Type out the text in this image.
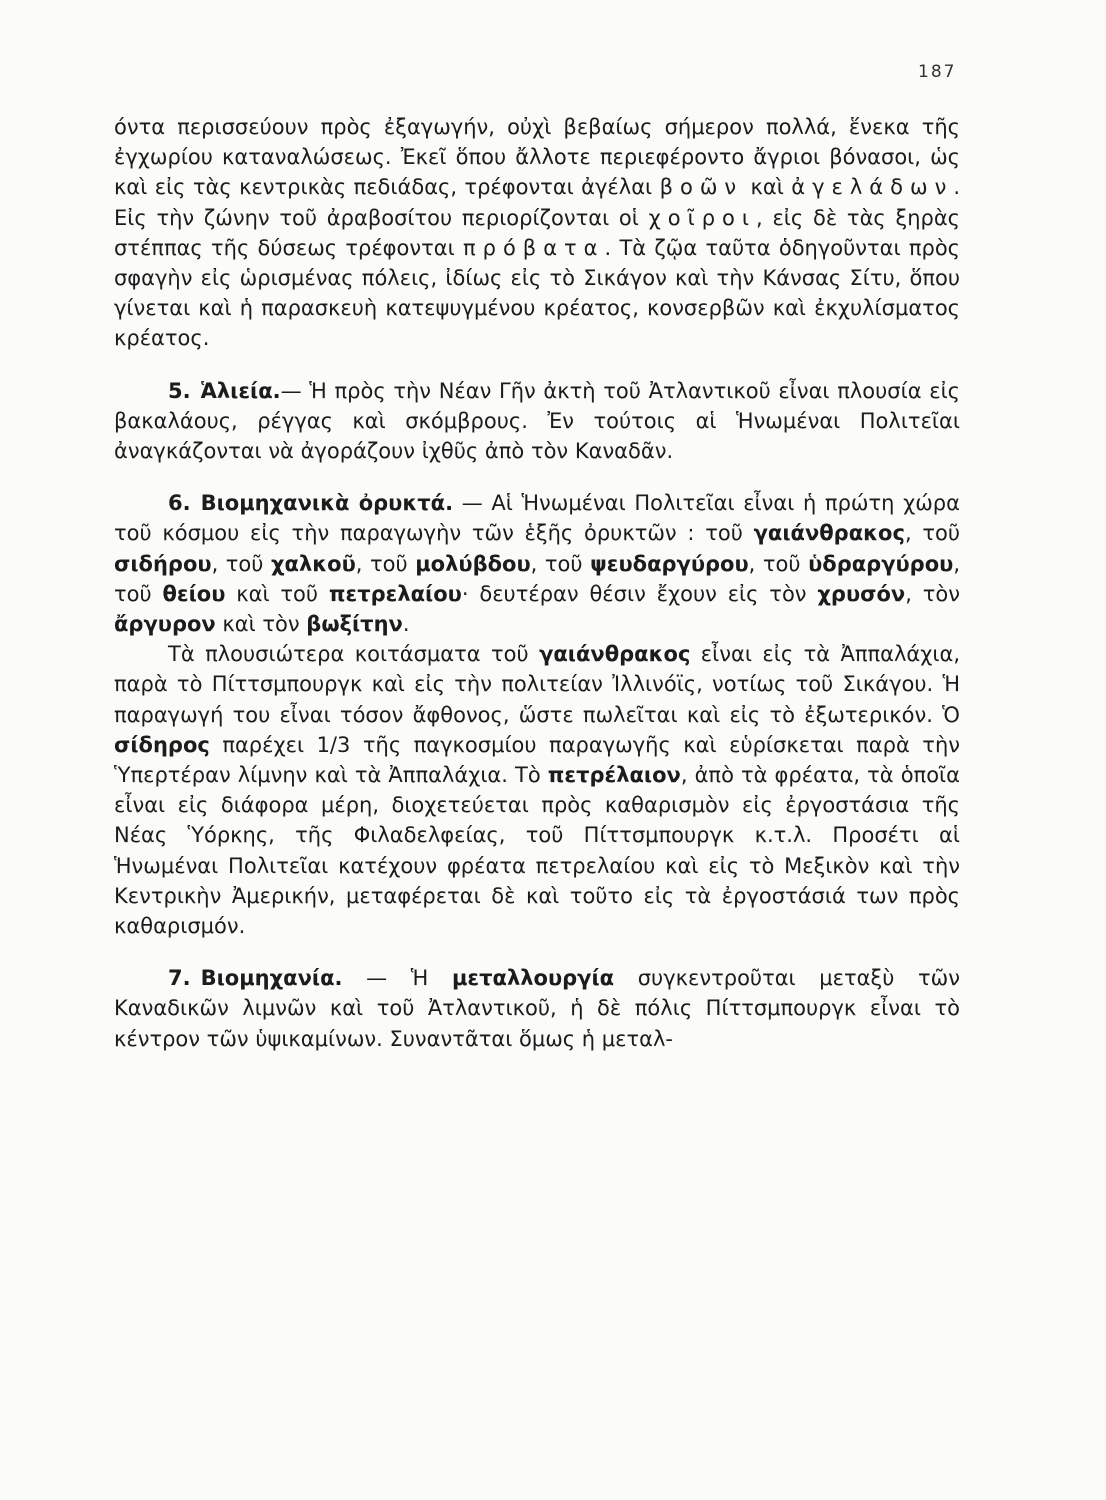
187

όντα περισσεύουν πρὸς ἐξαγωγήν, οὐχὶ βεβαίως σήμερον πολλά, ἕνεκα τῆς ἐγχωρίου καταναλώσεως. Ἐκεῖ ὅπου ἄλλοτε περιεφέροντο ἄγριοι βόνασοι, ὡς καὶ εἰς τὰς κεντρικὰς πεδιάδας, τρέφονται ἀγέλαι βοῶν καὶ ἀγελάδων. Εἰς τὴν ζώνην τοῦ ἀραβοσίτου περιορίζονται οἱ χοῖροι, εἰς δὲ τὰς ξηρὰς στέππας τῆς δύσεως τρέφονται πρόβατα. Τὰ ζῷα ταῦτα ὁδηγοῦνται πρὸς σφαγὴν εἰς ὡρισμένας πόλεις, ἰδίως εἰς τὸ Σικάγον καὶ τὴν Κάνσας Σίτυ, ὅπου γίνεται καὶ ἡ παρασκευὴ κατεψυγμένου κρέατος, κονσερβῶν καὶ ἐκχυλίσματος κρέατος.

5. Ἁλιεία.— Ἡ πρὸς τὴν Νέαν Γῆν ἀκτὴ τοῦ Ἀτλαντικοῦ εἶναι πλουσία εἰς βακαλάους, ρέγγας καὶ σκόμβρους. Ἐν τούτοις αἱ Ἡνωμέναι Πολιτεῖαι ἀναγκάζονται νὰ ἀγοράζουν ἰχθῦς ἀπὸ τὸν Καναδᾶν.

6. Βιομηχανικὰ ὀρυκτά. — Αἱ Ἡνωμέναι Πολιτεῖαι εἶναι ἡ πρώτη χώρα τοῦ κόσμου εἰς τὴν παραγωγὴν τῶν ἑξῆς ὀρυκτῶν : τοῦ γαιάνθρακος, τοῦ σιδήρου, τοῦ χαλκοῦ, τοῦ μολύβδου, τοῦ ψευδαργύρου, τοῦ ὑδραργύρου, τοῦ θείου καὶ τοῦ πετρελαίου· δευτέραν θέσιν ἔχουν εἰς τὸν χρυσόν, τὸν ἄργυρον καὶ τὸν βωξίτην.

Τὰ πλουσιώτερα κοιτάσματα τοῦ γαιάνθρακος εἶναι εἰς τὰ Ἀππαλάχια, παρὰ τὸ Πίττσμπουργκ καὶ εἰς τὴν πολιτείαν Ἰλλινόϊς, νοτίως τοῦ Σικάγου. Ἡ παραγωγή του εἶναι τόσον ἄφθονος, ὥστε πωλεῖται καὶ εἰς τὸ ἐξωτερικόν. Ὁ σίδηρος παρέχει 1/3 τῆς παγκοσμίου παραγωγῆς καὶ εὑρίσκεται παρὰ τὴν Ὑπερτέραν λίμνην καὶ τὰ Ἀππαλάχια. Τὸ πετρέλαιον, ἀπὸ τὰ φρέατα, τὰ ὁποῖα εἶναι εἰς διάφορα μέρη, διοχετεύεται πρὸς καθαρισμὸν εἰς ἐργοστάσια τῆς Νέας Ὑόρκης, τῆς Φιλαδελφείας, τοῦ Πίττσμπουργκ κ.τ.λ. Προσέτι αἱ Ἡνωμέναι Πολιτεῖαι κατέχουν φρέατα πετρελαίου καὶ εἰς τὸ Μεξικὸν καὶ τὴν Κεντρικὴν Ἀμερικήν, μεταφέρεται δὲ καὶ τοῦτο εἰς τὰ ἐργοστάσιά των πρὸς καθαρισμόν.

7. Βιομηχανία. — Ἡ μεταλλουργία συγκεντροῦται μεταξὺ τῶν Καναδικῶν λιμνῶν καὶ τοῦ Ἀτλαντικοῦ, ἡ δὲ πόλις Πίττσμπουργκ εἶναι τὸ κέντρον τῶν ὑψικαμίνων. Συναντᾶται ὅμως ἡ μεταλ-
